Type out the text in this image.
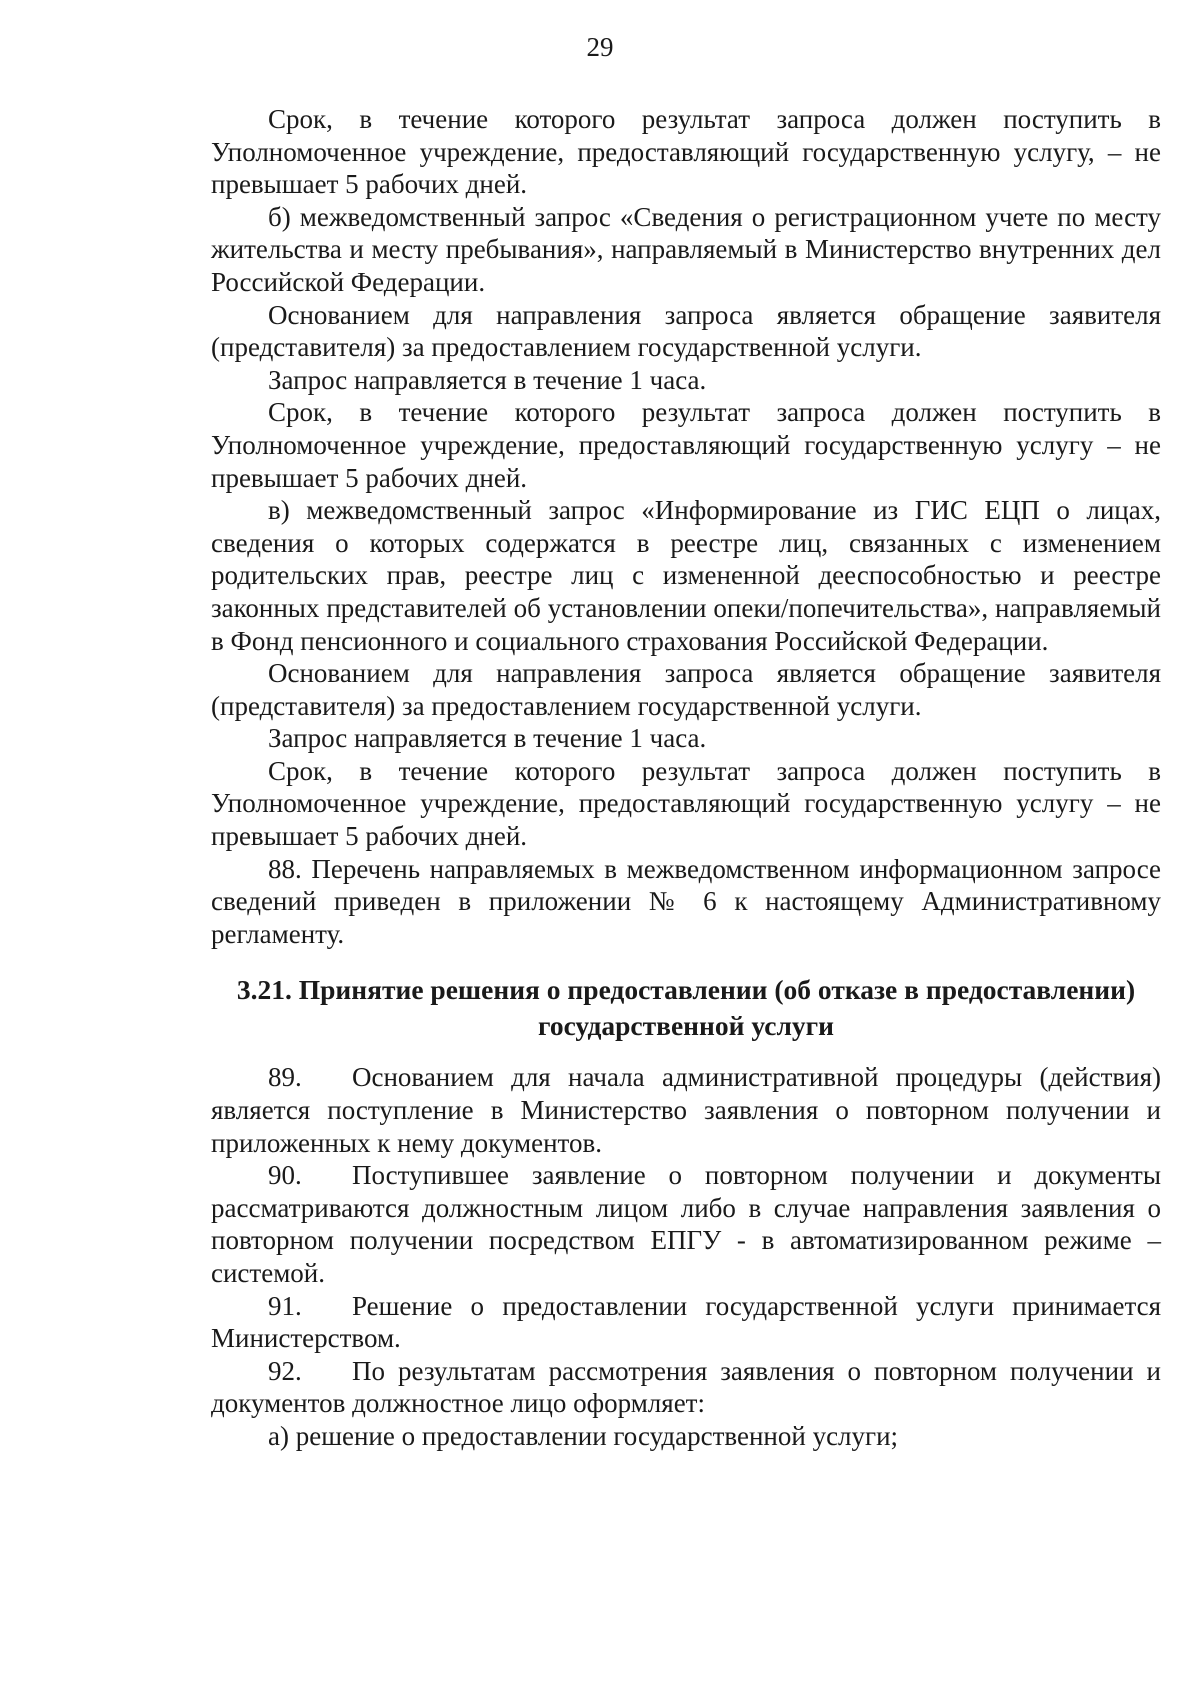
29

Срок, в течение которого результат запроса должен поступить в Уполномоченное учреждение, предоставляющий государственную услугу, – не превышает 5 рабочих дней.

б) межведомственный запрос «Сведения о регистрационном учете по месту жительства и месту пребывания», направляемый в Министерство внутренних дел Российской Федерации.

Основанием для направления запроса является обращение заявителя (представителя) за предоставлением государственной услуги.

Запрос направляется в течение 1 часа.

Срок, в течение которого результат запроса должен поступить в Уполномоченное учреждение, предоставляющий государственную услугу – не превышает 5 рабочих дней.

в) межведомственный запрос «Информирование из ГИС ЕЦП о лицах, сведения о которых содержатся в реестре лиц, связанных с изменением родительских прав, реестре лиц с измененной дееспособностью и реестре законных представителей об установлении опеки/попечительства», направляемый в Фонд пенсионного и социального страхования Российской Федерации.

Основанием для направления запроса является обращение заявителя (представителя) за предоставлением государственной услуги.

Запрос направляется в течение 1 часа.

Срок, в течение которого результат запроса должен поступить в Уполномоченное учреждение, предоставляющий государственную услугу – не превышает 5 рабочих дней.

88. Перечень направляемых в межведомственном информационном запросе сведений приведен в приложении № 6 к настоящему Административному регламенту.

3.21. Принятие решения о предоставлении (об отказе в предоставлении) государственной услуги

89. Основанием для начала административной процедуры (действия) является поступление в Министерство заявления о повторном получении и приложенных к нему документов.

90. Поступившее заявление о повторном получении и документы рассматриваются должностным лицом либо в случае направления заявления о повторном получении посредством ЕПГУ - в автоматизированном режиме – системой.

91. Решение о предоставлении государственной услуги принимается Министерством.

92. По результатам рассмотрения заявления о повторном получении и документов должностное лицо оформляет:

а) решение о предоставлении государственной услуги;
